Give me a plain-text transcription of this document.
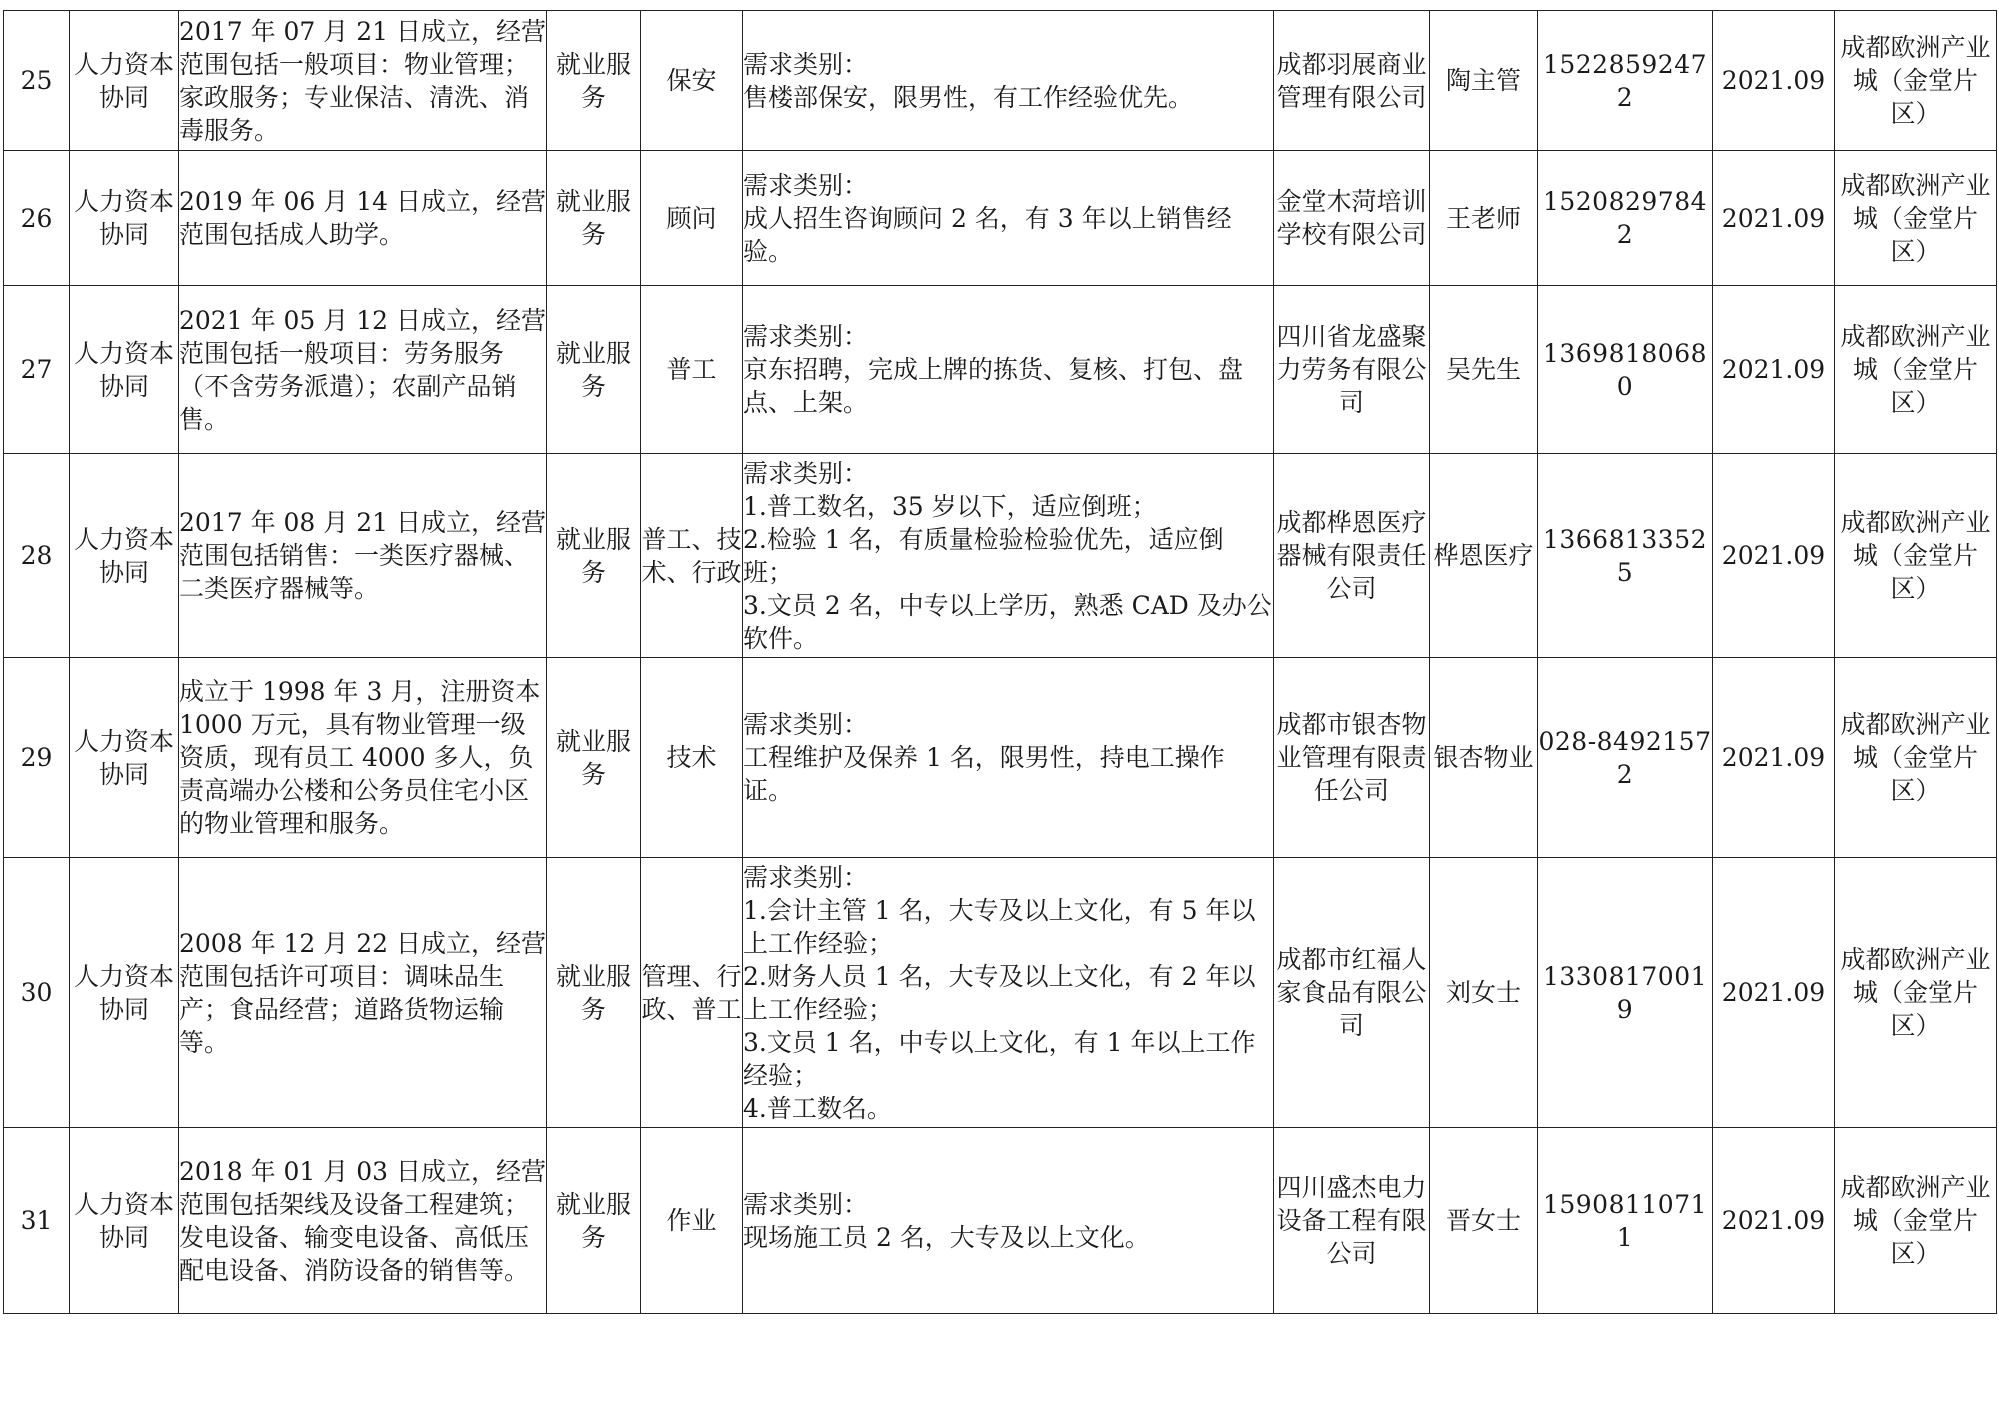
25	人力资本协同	2017 年 07 月 21 日成立，经营范围包括一般项目：物业管理；家政服务；专业保洁、清洗、消毒服务。	就业服务	保安	需求类别：
售楼部保安，限男性，有工作经验优先。	成都羽展商业管理有限公司	陶主管	15228592472	2021.09	成都欧洲产业城（金堂片区）
26	人力资本协同	2019 年 06 月 14 日成立，经营范围包括成人助学。	就业服务	顾问	需求类别：
成人招生咨询顾问 2 名，有 3 年以上销售经验。	金堂木菏培训学校有限公司	王老师	15208297842	2021.09	成都欧洲产业城（金堂片区）
27	人力资本协同	2021 年 05 月 12 日成立，经营范围包括一般项目：劳务服务（不含劳务派遣）；农副产品销售。	就业服务	普工	需求类别：
京东招聘，完成上牌的拣货、复核、打包、盘点、上架。	四川省龙盛聚力劳务有限公司	吴先生	13698180680	2021.09	成都欧洲产业城（金堂片区）
28	人力资本协同	2017 年 08 月 21 日成立，经营范围包括销售：一类医疗器械、二类医疗器械等。	就业服务	普工、技术、行政	需求类别：
1.普工数名，35 岁以下，适应倒班；
2.检验 1 名，有质量检验检验优先，适应倒班；
3.文员 2 名，中专以上学历，熟悉 CAD 及办公软件。	成都桦恩医疗器械有限责任公司	桦恩医疗	13668133525	2021.09	成都欧洲产业城（金堂片区）
29	人力资本协同	成立于 1998 年 3 月，注册资本 1000 万元，具有物业管理一级资质，现有员工 4000 多人，负责高端办公楼和公务员住宅小区的物业管理和服务。	就业服务	技术	需求类别：
工程维护及保养 1 名，限男性，持电工操作证。	成都市银杏物业管理有限责任公司	银杏物业	028-84921572	2021.09	成都欧洲产业城（金堂片区）
30	人力资本协同	2008 年 12 月 22 日成立，经营范围包括许可项目：调味品生产；食品经营；道路货物运输等。	就业服务	管理、行政、普工	需求类别：
1.会计主管 1 名，大专及以上文化，有 5 年以上工作经验；
2.财务人员 1 名，大专及以上文化，有 2 年以上工作经验；
3.文员 1 名，中专以上文化，有 1 年以上工作经验；
4.普工数名。	成都市红福人家食品有限公司	刘女士	13308170019	2021.09	成都欧洲产业城（金堂片区）
31	人力资本协同	2018 年 01 月 03 日成立，经营范围包括架线及设备工程建筑；发电设备、输变电设备、高低压配电设备、消防设备的销售等。	就业服务	作业	需求类别：
现场施工员 2 名，大专及以上文化。	四川盛杰电力设备工程有限公司	晋女士	15908110711	2021.09	成都欧洲产业城（金堂片区）
